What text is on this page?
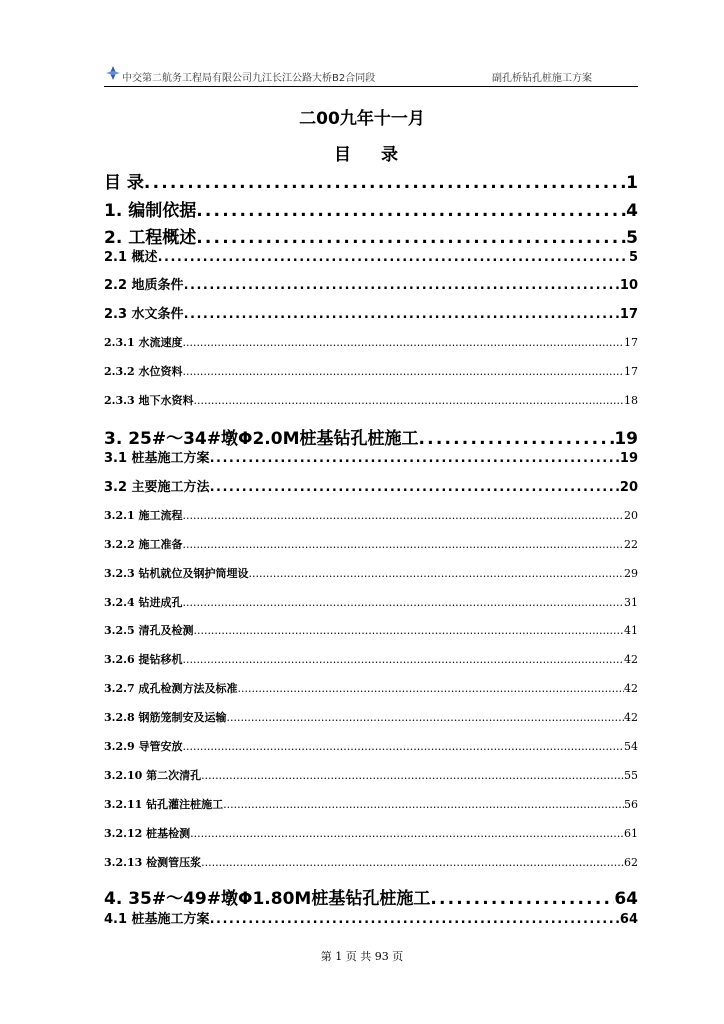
中交第二航务工程局有限公司九江长江公路大桥B2合同段	副孔桥钻孔桩施工方案
二00九年十一月
目 录
目 录 .....	1
1. 编制依据 .....	4
2. 工程概述 .....	5
2.1 概述 .....	5
2.2 地质条件 .....	10
2.3 水文条件 .....	17
2.3.1 水流速度 .....	17
2.3.2 水位资料 .....	17
2.3.3 地下水资料 .....	18
3. 25#～34#墩Φ2.0M桩基钻孔桩施工 .....	19
3.1 桩基施工方案 .....	19
3.2 主要施工方法 .....	20
3.2.1 施工流程 .....	20
3.2.2 施工准备 .....	22
3.2.3 钻机就位及钢护筒埋设 .....	29
3.2.4 钻进成孔 .....	31
3.2.5 清孔及检测 .....	41
3.2.6 提钻移机 .....	42
3.2.7 成孔检测方法及标准 .....	42
3.2.8 钢筋笼制安及运输 .....	42
3.2.9 导管安放 .....	54
3.2.10 第二次清孔 .....	55
3.2.11 钻孔灌注桩施工 .....	56
3.2.12 桩基检测 .....	61
3.2.13 检测管压浆 .....	62
4. 35#～49#墩Φ1.80M桩基钻孔桩施工 .....	64
4.1 桩基施工方案 .....	64
第 1 页 共 93 页
